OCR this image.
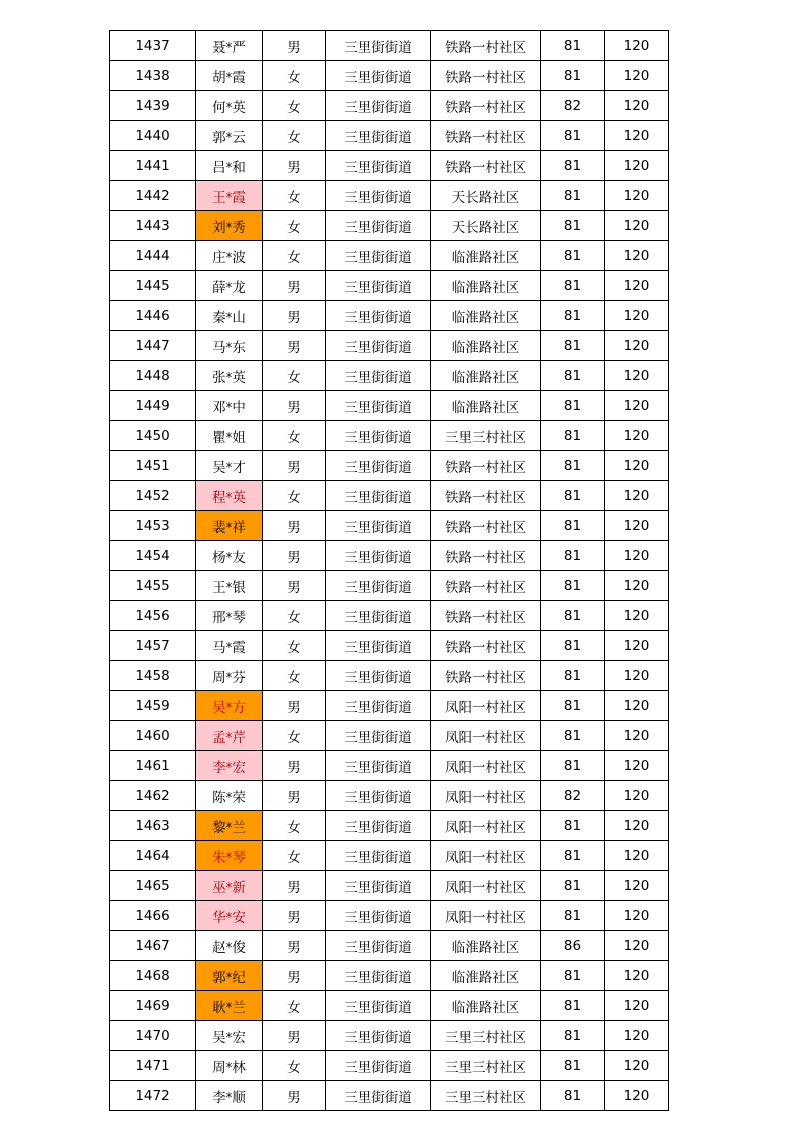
1437	聂*严	男	三里街街道	铁路一村社区	81	120
1438	胡*霞	女	三里街街道	铁路一村社区	81	120
1439	何*英	女	三里街街道	铁路一村社区	82	120
1440	郭*云	女	三里街街道	铁路一村社区	81	120
1441	吕*和	男	三里街街道	铁路一村社区	81	120
1442	王*霞	女	三里街街道	天长路社区	81	120
1443	刘*秀	女	三里街街道	天长路社区	81	120
1444	庄*波	女	三里街街道	临淮路社区	81	120
1445	薛*龙	男	三里街街道	临淮路社区	81	120
1446	秦*山	男	三里街街道	临淮路社区	81	120
1447	马*东	男	三里街街道	临淮路社区	81	120
1448	张*英	女	三里街街道	临淮路社区	81	120
1449	邓*中	男	三里街街道	临淮路社区	81	120
1450	瞿*姐	女	三里街街道	三里三村社区	81	120
1451	吴*才	男	三里街街道	铁路一村社区	81	120
1452	程*英	女	三里街街道	铁路一村社区	81	120
1453	裴*祥	男	三里街街道	铁路一村社区	81	120
1454	杨*友	男	三里街街道	铁路一村社区	81	120
1455	王*银	男	三里街街道	铁路一村社区	81	120
1456	邢*琴	女	三里街街道	铁路一村社区	81	120
1457	马*霞	女	三里街街道	铁路一村社区	81	120
1458	周*芬	女	三里街街道	铁路一村社区	81	120
1459	吴*方	男	三里街街道	凤阳一村社区	81	120
1460	孟*芹	女	三里街街道	凤阳一村社区	81	120
1461	李*宏	男	三里街街道	凤阳一村社区	81	120
1462	陈*荣	男	三里街街道	凤阳一村社区	82	120
1463	黎*兰	女	三里街街道	凤阳一村社区	81	120
1464	朱*琴	女	三里街街道	凤阳一村社区	81	120
1465	巫*新	男	三里街街道	凤阳一村社区	81	120
1466	华*安	男	三里街街道	凤阳一村社区	81	120
1467	赵*俊	男	三里街街道	临淮路社区	86	120
1468	郭*纪	男	三里街街道	临淮路社区	81	120
1469	耿*兰	女	三里街街道	临淮路社区	81	120
1470	吴*宏	男	三里街街道	三里三村社区	81	120
1471	周*林	女	三里街街道	三里三村社区	81	120
1472	李*顺	男	三里街街道	三里三村社区	81	120
